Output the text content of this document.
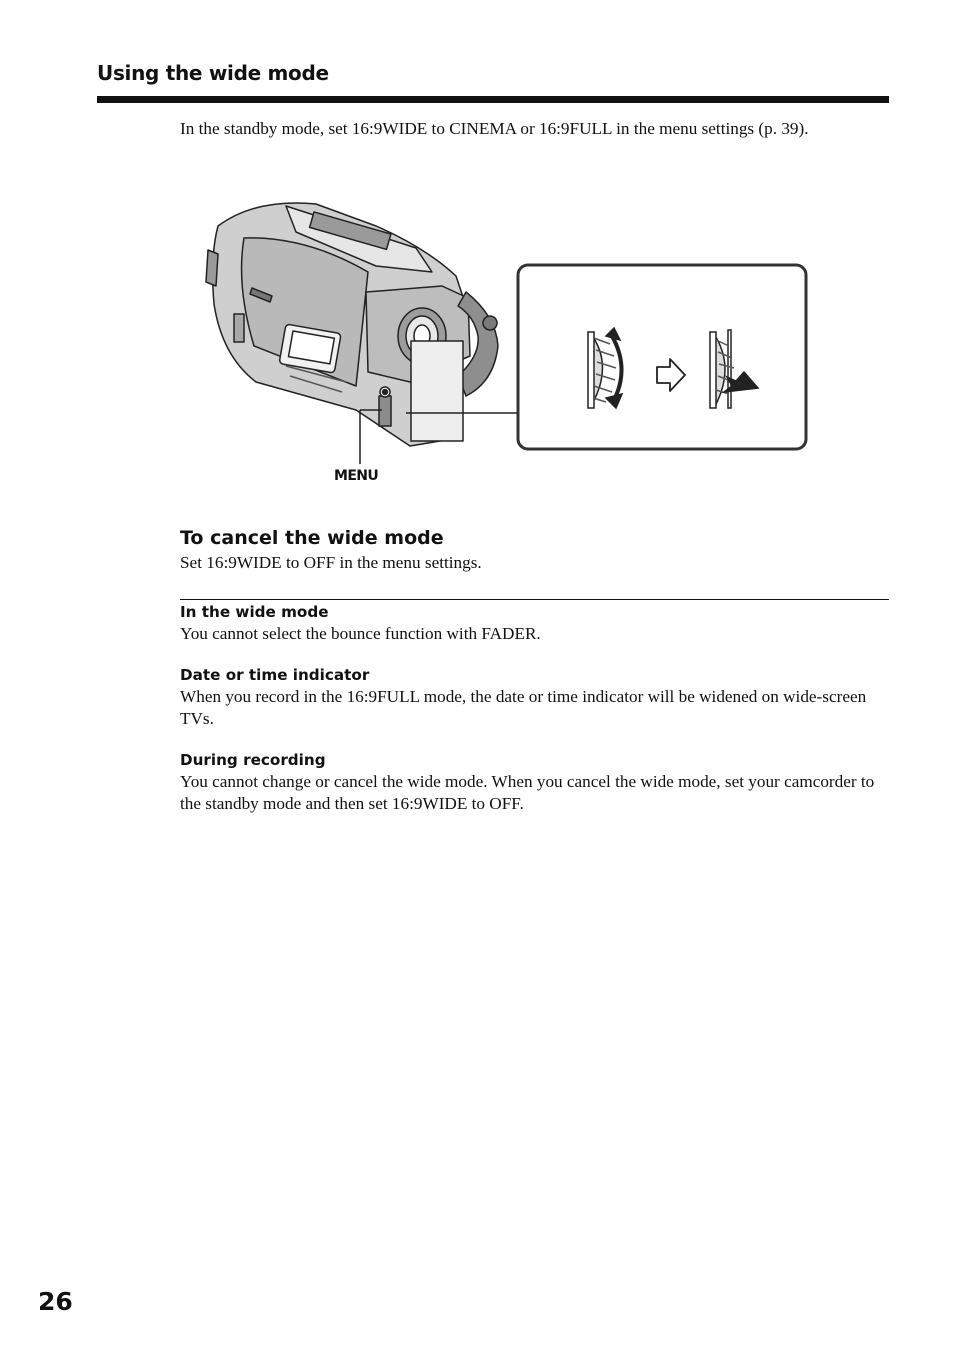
Using the wide mode

In the standby mode, set 16:9WIDE to CINEMA or 16:9FULL in the menu settings (p. 39).

MENU
To cancel the wide mode

Set 16:9WIDE to OFF in the menu settings.

In the wide mode
You cannot select the bounce function with FADER.
Date or time indicator
When you record in the 16:9FULL mode, the date or time indicator will be widened on wide-screen TVs.
During recording
You cannot change or cancel the wide mode. When you cancel the wide mode, set your camcorder to the standby mode and then set 16:9WIDE to OFF.
26
